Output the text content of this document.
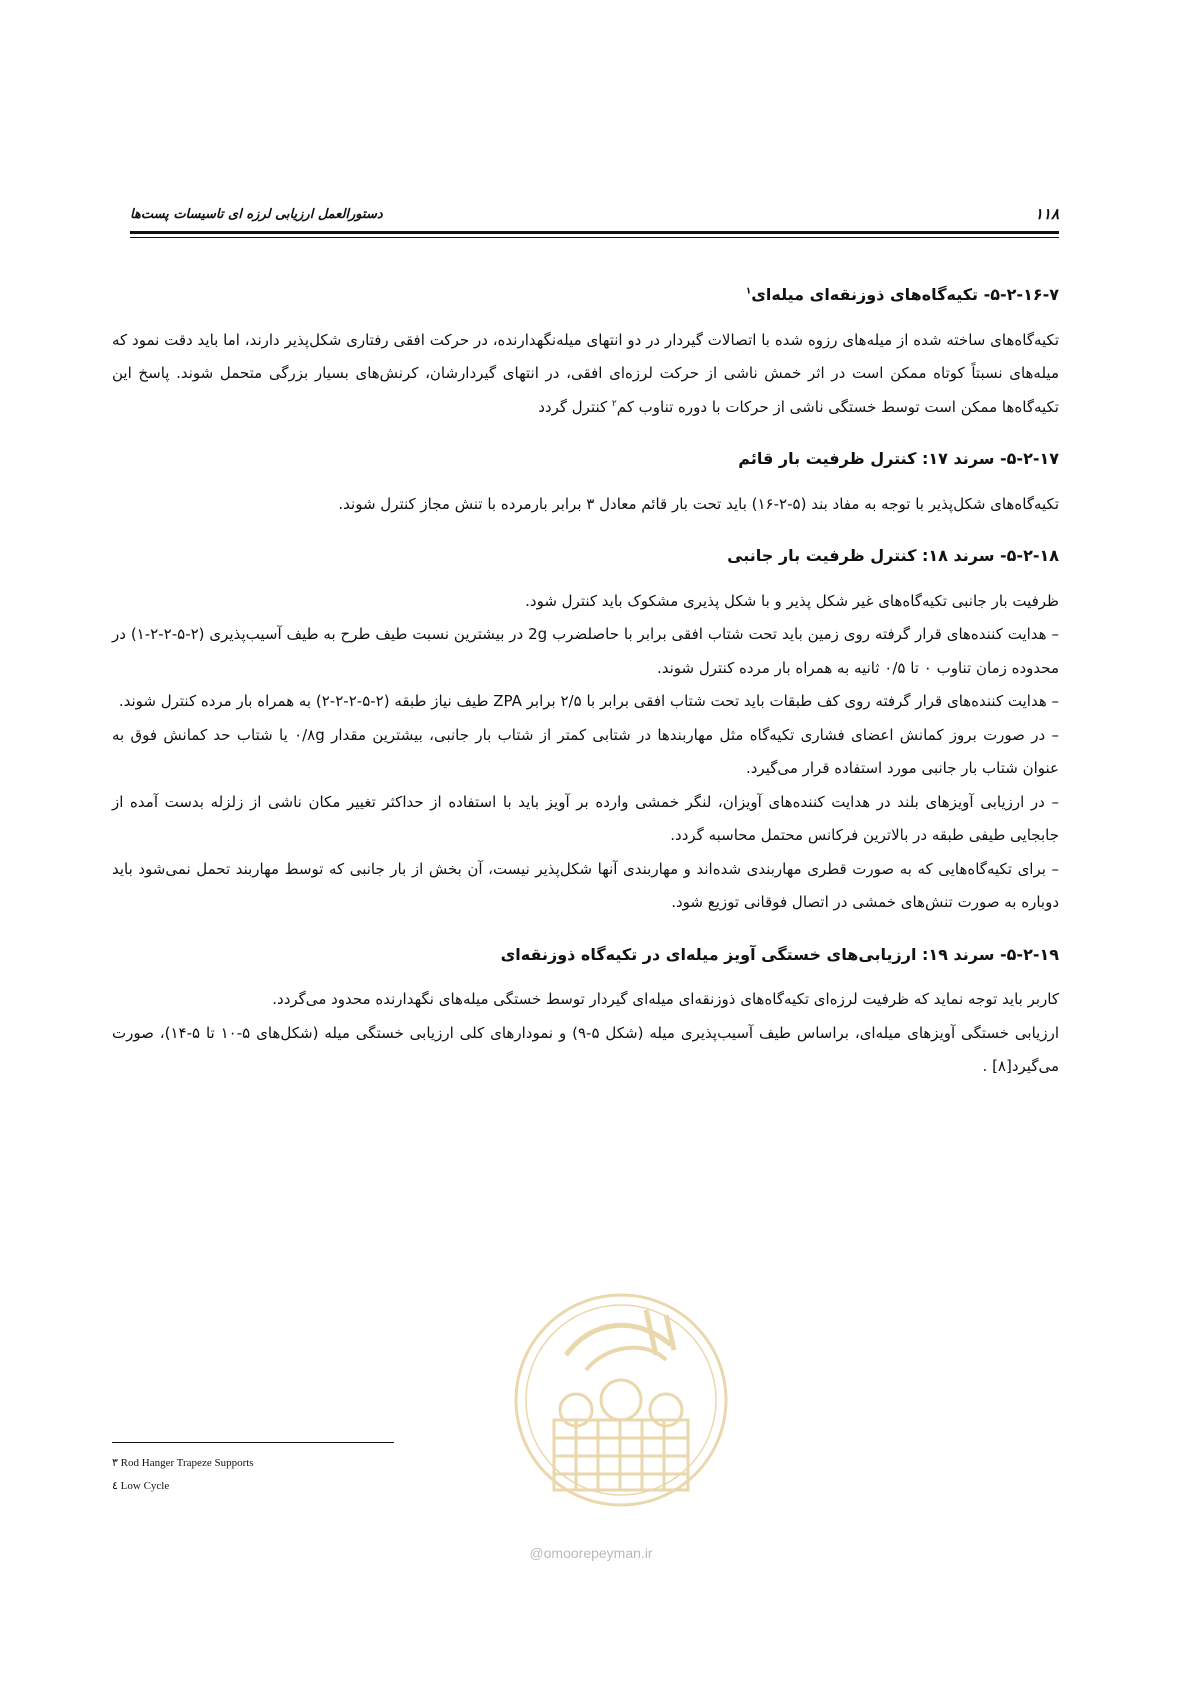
۱۱۸
دستورالعمل ارزیابی لرزه ای تاسیسات پست‌ها
۵-۲-۱۶-۷- تکیه‌گاه‌های ذوزنقه‌ای میله‌ای$^۱$

تکیه‌گاه‌های ساخته شده از میله‌های رزوه شده با اتصالات گیردار در دو انتهای میله‌نگهدارنده، در حرکت افقی رفتاری شکل‌پذیر دارند، اما باید دقت نمود که میله‌های نسبتاً کوتاه ممکن است در اثر خمش ناشی از حرکت لرزه‌ای افقی، در انتهای گیردارشان، کرنش‌های بسیار بزرگی متحمل شوند. پاسخ این تکیه‌گاه‌ها ممکن است توسط خستگی ناشی از حرکات با دوره تناوب کم$^۲$ کنترل گردد

۵-۲-۱۷- سرند ۱۷: کنترل ظرفیت بار قائم

تکیه‌گاه‌های شکل‌پذیر با توجه به مفاد بند (۵-۲-۱۶) باید تحت بار قائم معادل ۳ برابر بارمرده با تنش مجاز کنترل شوند.

۵-۲-۱۸- سرند ۱۸: کنترل ظرفیت بار جانبی

ظرفیت بار جانبی تکیه‌گاه‌های غیر شکل پذیر و با شکل پذیری مشکوک باید کنترل شود.

– هدایت کننده‌های قرار گرفته روی زمین باید تحت شتاب افقی برابر با حاصلضرب 2g در بیشترین نسبت طیف طرح به طیف آسیب‌پذیری (۲-۵-۲-۲-۱) در محدوده زمان تناوب ۰ تا ۰/۵ ثانیه به همراه بار مرده کنترل شوند.

– هدایت کننده‌های قرار گرفته روی کف طبقات باید تحت شتاب افقی برابر با ۲/۵ برابر ZPA طیف نیاز طبقه (۲-۵-۲-۲-۲) به همراه بار مرده کنترل شوند.

– در صورت بروز کمانش اعضای فشاری تکیه‌گاه مثل مهاربندها در شتابی کمتر از شتاب بار جانبی، بیشترین مقدار ۰/۸g یا شتاب حد کمانش فوق به عنوان شتاب بار جانبی مورد استفاده قرار می‌گیرد.

– در ارزیابی آویزهای بلند در هدایت کننده‌های آویزان، لنگر خمشی وارده بر آویز باید با استفاده از حداکثر تغییر مکان ناشی از زلزله بدست آمده از جابجایی طیفی طبقه در بالاترین فرکانس محتمل محاسبه گردد.

– برای تکیه‌گاه‌هایی که به صورت قطری مهاربندی شده‌اند و مهاربندی آنها شکل‌پذیر نیست، آن بخش از بار جانبی که توسط مهاربند تحمل نمی‌شود باید دوباره به صورت تنش‌های خمشی در اتصال فوقانی توزیع شود.

۵-۲-۱۹- سرند ۱۹: ارزیابی‌های خستگی آویز میله‌ای در تکیه‌گاه ذوزنقه‌ای

کاربر باید توجه نماید که ظرفیت لرزه‌ای تکیه‌گاه‌های ذوزنقه‌ای میله‌ای گیردار توسط خستگی میله‌های نگهدارنده محدود می‌گردد.

ارزیابی خستگی آویزهای میله‌ای، براساس طیف آسیب‌پذیری میله (شکل ۵-۹) و نمودارهای کلی ارزیابی خستگی میله (شکل‌های ۵-۱۰ تا ۵-۱۴)، صورت می‌گیرد[۸] .

@omoorepeyman.ir
٣ Rod Hanger Trapeze Supports
٤ Low Cycle
